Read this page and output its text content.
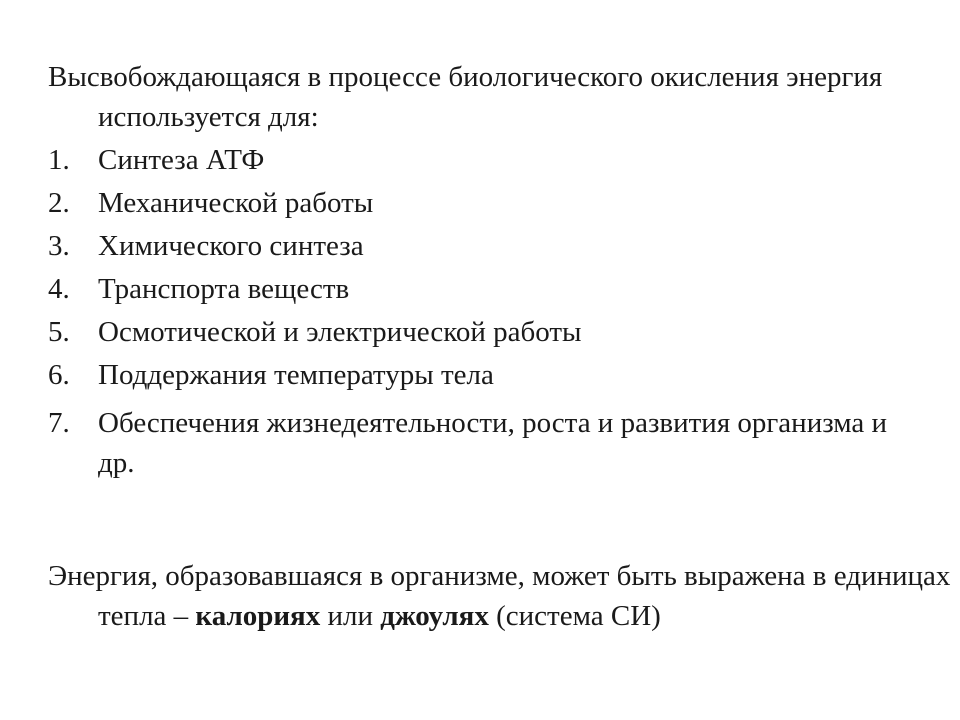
Высвобождающаяся в процессе биологического окисления энергия используется для:

1. Синтеза АТФ
2. Механической работы
3. Химического синтеза
4. Транспорта веществ
5. Осмотической и электрической работы
6. Поддержания температуры тела
7. Обеспечения жизнедеятельности, роста и развития организма и др.

Энергия, образовавшаяся в организме, может быть выражена в единицах тепла – калориях или джоулях (система СИ)
